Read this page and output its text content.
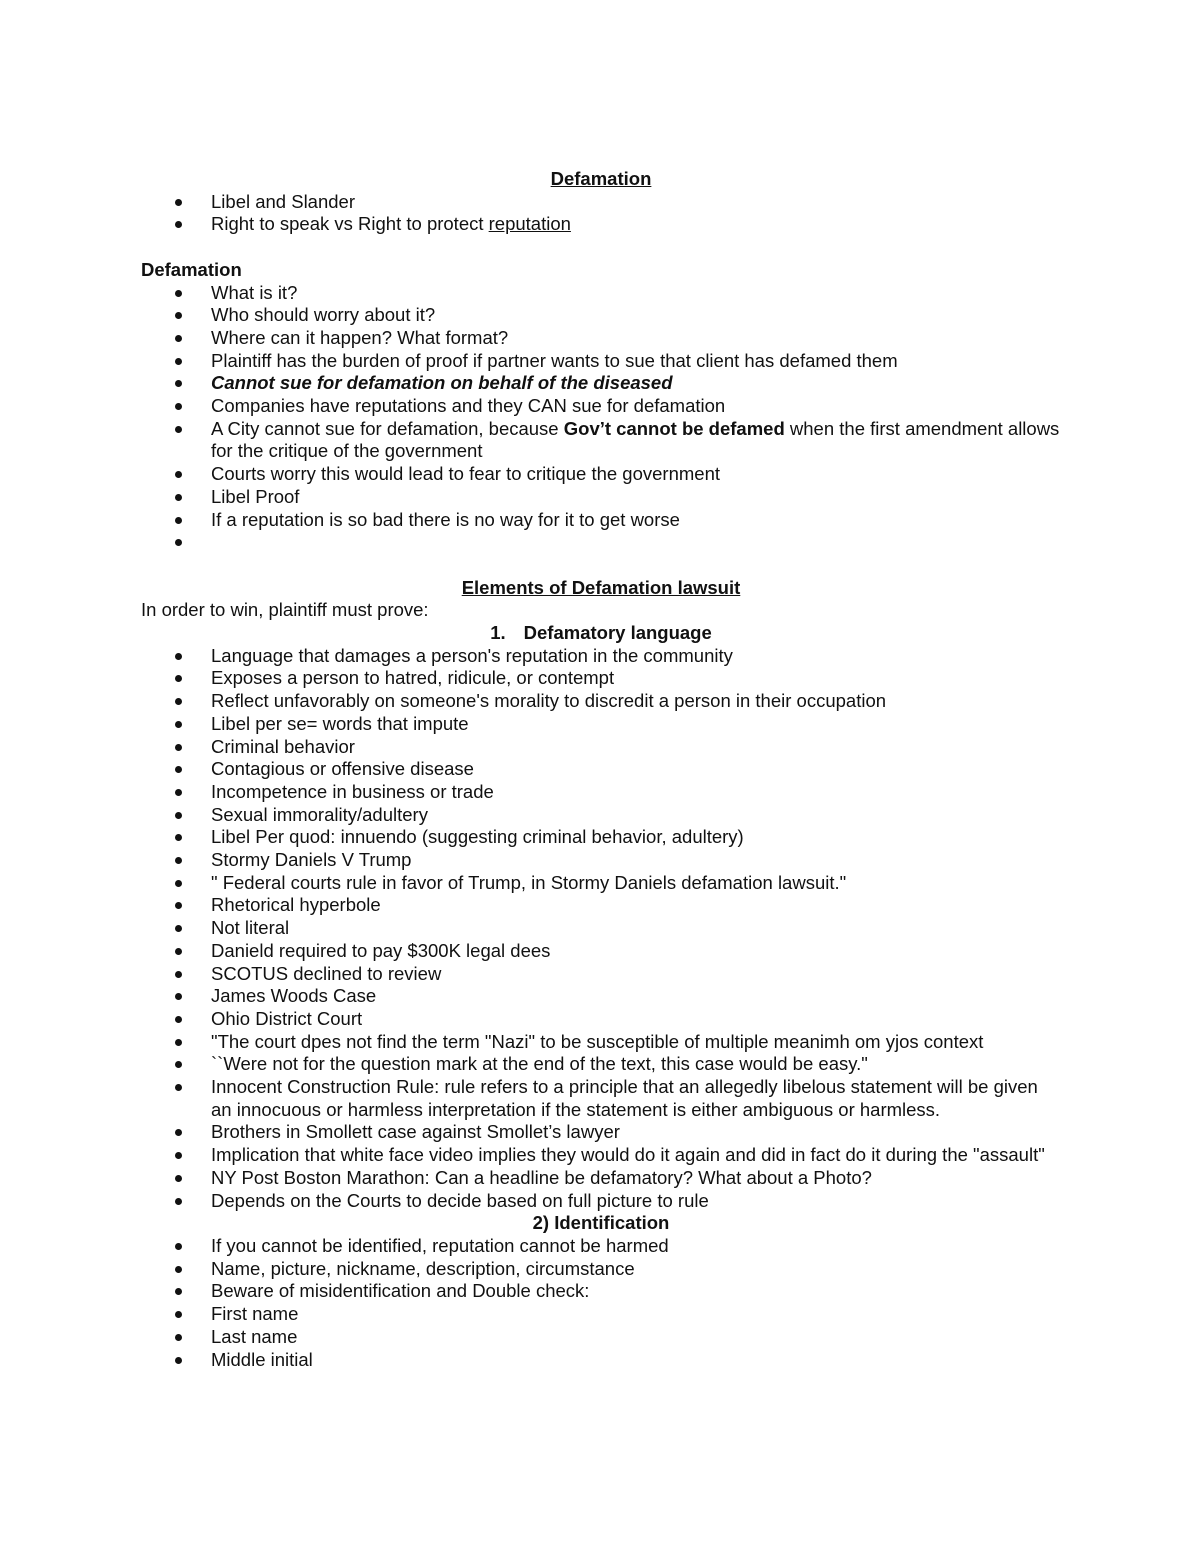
Defamation

Libel and Slander
Right to speak vs Right to protect reputation

Defamation

What is it?
Who should worry about it?
Where can it happen? What format?
Plaintiff has the burden of proof if partner wants to sue that client has defamed them
Cannot sue for defamation on behalf of the diseased
Companies have reputations and they CAN sue for defamation
A City cannot sue for defamation, because Gov’t cannot be defamed when the first amendment allows for the critique of the government
Courts worry this would lead to fear to critique the government
Libel Proof
If a reputation is so bad there is no way for it to get worse

Elements of Defamation lawsuit

In order to win, plaintiff must prove:

1. Defamatory language

Language that damages a person's reputation in the community
Exposes a person to hatred, ridicule, or contempt
Reflect unfavorably on someone's morality to discredit a person in their occupation
Libel per se= words that impute
Criminal behavior
Contagious or offensive disease
Incompetence in business or trade
Sexual immorality/adultery
Libel Per quod: innuendo (suggesting criminal behavior, adultery)
Stormy Daniels V Trump
" Federal courts rule in favor of Trump, in Stormy Daniels defamation lawsuit."
Rhetorical hyperbole
Not literal
Danield required to pay $300K legal dees
SCOTUS declined to review
James Woods Case
Ohio District Court
"The court dpes not find the term "Nazi" to be susceptible of multiple meanimh om yjos context
``Were not for the question mark at the end of the text, this case would be easy."
Innocent Construction Rule: rule refers to a principle that an allegedly libelous statement will be given an innocuous or harmless interpretation if the statement is either ambiguous or harmless.
Brothers in Smollett case against Smollet’s lawyer
Implication that white face video implies they would do it again and did in fact do it during the "assault"
NY Post Boston Marathon: Can a headline be defamatory? What about a Photo?
Depends on the Courts to decide based on full picture to rule

2) Identification

If you cannot be identified, reputation cannot be harmed
Name, picture, nickname, description, circumstance
Beware of misidentification and Double check:
First name
Last name
Middle initial
